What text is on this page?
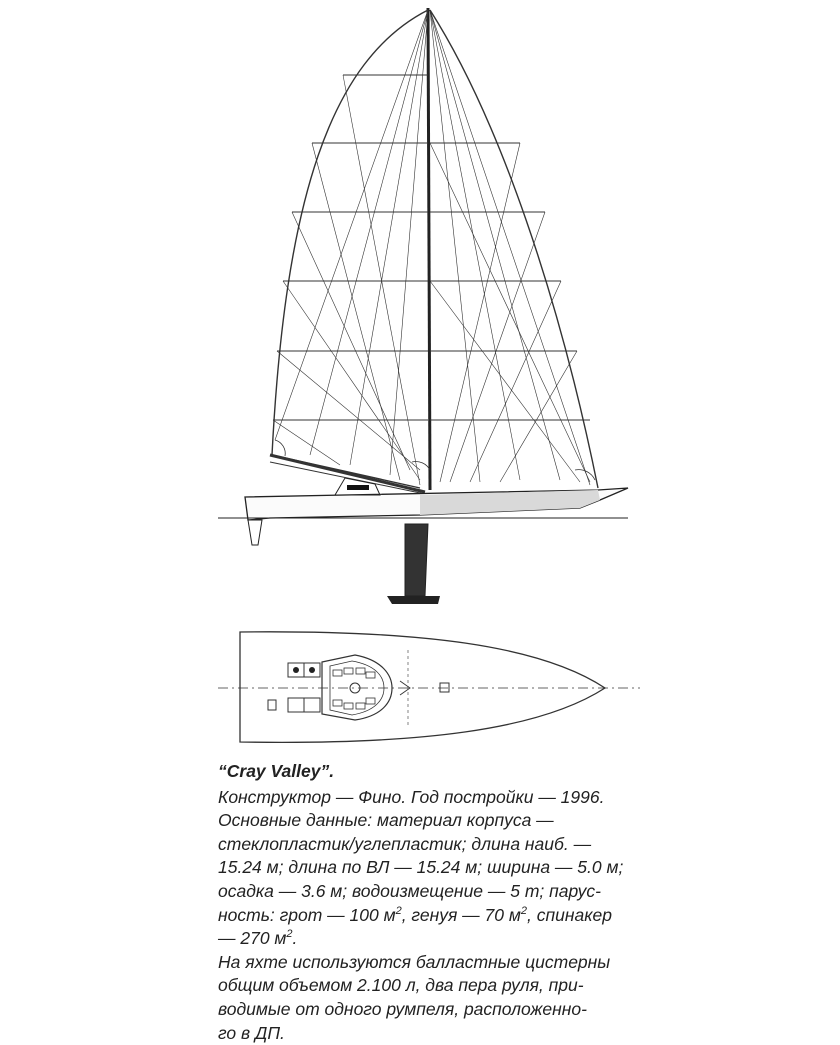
“Cray Valley”.
Конструктор — Фино. Год постройки — 1996.
Основные данные: материал корпуса —
стеклопластик/углепластик; длина наиб. —
15.24 м; длина по ВЛ — 15.24 м; ширина — 5.0 м;
осадка — 3.6 м; водоизмещение — 5 т; парус-
ность: грот — 100 $м^2$, генуя — 70 $м^2$, спинакер
— 270 $м^2$.
На яхте используются балластные цистерны
общим объемом 2.100 л, два пера руля, при-
водимые от одного румпеля, расположенно-
го в ДП.
